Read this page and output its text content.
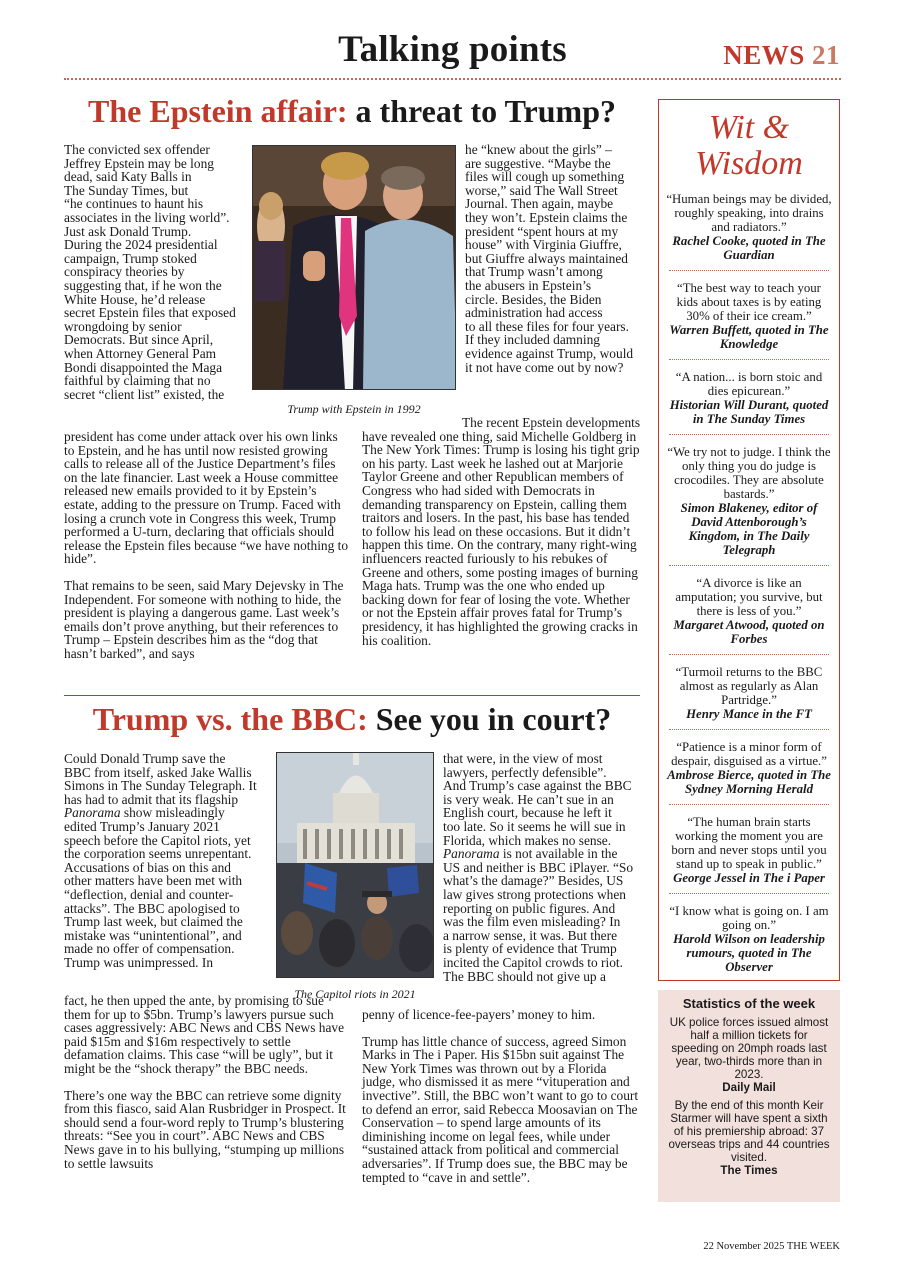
Talking points	NEWS 21
The Epstein affair: a threat to Trump?
The convicted sex offender
Jeffrey Epstein may be long
dead, said Katy Balls in
The Sunday Times, but
“he continues to haunt his
associates in the living world”.
Just ask Donald Trump.
During the 2024 presidential
campaign, Trump stoked
conspiracy theories by
suggesting that, if he won the
White House, he’d release
secret Epstein files that exposed
wrongdoing by senior
Democrats. But since April,
when Attorney General Pam
Bondi disappointed the Maga
faithful by claiming that no
secret “client list” existed, the
Trump with Epstein in 1992
he “knew about the girls” –
are suggestive. “Maybe the
files will cough up something
worse,” said The Wall Street
Journal. Then again, maybe
they won’t. Epstein claims the
president “spent hours at my
house” with Virginia Giuffre,
but Giuffre always maintained
that Trump wasn’t among
the abusers in Epstein’s
circle. Besides, the Biden
administration had access
to all these files for four years.
If they included damning
evidence against Trump, would
it not have come out by now?

president has come under attack over his own links to Epstein, and he has until now resisted growing calls to release all of the Justice Department’s files on the late financier. Last week a House committee released new emails provided to it by Epstein’s estate, adding to the pressure on Trump. Faced with losing a crunch vote in Congress this week, Trump performed a U-turn, declaring that officials should release the Epstein files because “we have nothing to hide”.

That remains to be seen, said Mary Dejevsky in The Independent. For someone with nothing to hide, the president is playing a dangerous game. Last week’s emails don’t prove anything, but their references to Trump – Epstein describes him as the “dog that hasn’t barked”, and says

The recent Epstein developments have revealed one thing, said Michelle Goldberg in The New York Times: Trump is losing his tight grip on his party. Last week he lashed out at Marjorie Taylor Greene and other Republican members of Congress who had sided with Democrats in demanding transparency on Epstein, calling them traitors and losers. In the past, his base has tended to follow his lead on these occasions. But it didn’t happen this time. On the contrary, many right-wing influencers reacted furiously to his rebukes of Greene and others, some posting images of burning Maga hats. Trump was the one who ended up backing down for fear of losing the vote. Whether or not the Epstein affair proves fatal for Trump’s presidency, it has highlighted the growing cracks in his coalition.

Trump vs. the BBC: See you in court?
Could Donald Trump save the
BBC from itself, asked Jake Wallis
Simons in The Sunday Telegraph. It
has had to admit that its flagship
Panorama show misleadingly
edited Trump’s January 2021
speech before the Capitol riots, yet
the corporation seems unrepentant.
Accusations of bias on this and
other matters have been met with
“deflection, denial and counter-
attacks”. The BBC apologised to
Trump last week, but claimed the
mistake was “unintentional”, and
made no offer of compensation.
Trump was unimpressed. In
The Capitol riots in 2021
that were, in the view of most
lawyers, perfectly defensible”.
And Trump’s case against the BBC
is very weak. He can’t sue in an
English court, because he left it
too late. So it seems he will sue in
Florida, which makes no sense.
Panorama is not available in the
US and neither is BBC iPlayer. “So
what’s the damage?” Besides, US
law gives strong protections when
reporting on public figures. And
was the film even misleading? In
a narrow sense, it was. But there
is plenty of evidence that Trump
incited the Capitol crowds to riot.
The BBC should not give up a

fact, he then upped the ante, by promising to sue them for up to $5bn. Trump’s lawyers pursue such cases aggressively: ABC News and CBS News have paid $15m and $16m respectively to settle defamation claims. This case “will be ugly”, but it might be the “shock therapy” the BBC needs.

There’s one way the BBC can retrieve some dignity from this fiasco, said Alan Rusbridger in Prospect. It should send a four-word reply to Trump’s blustering threats: “See you in court”. ABC News and CBS News gave in to his bullying, “stumping up millions to settle lawsuits

penny of licence-fee-payers’ money to him.

Trump has little chance of success, agreed Simon Marks in The i Paper. His $15bn suit against The New York Times was thrown out by a Florida judge, who dismissed it as mere “vituperation and invective”. Still, the BBC won’t want to go to court to defend an error, said Rebecca Moosavian on The Conservation – to spend large amounts of its diminishing income on legal fees, while under “sustained attack from political and commercial adversaries”. If Trump does sue, the BBC may be tempted to “cave in and settle”.

Wit &
Wisdom
“Human beings may be divided, roughly speaking, into drains and radiators.”
Rachel Cooke, quoted in The Guardian
“The best way to teach your kids about taxes is by eating 30% of their ice cream.”
Warren Buffett, quoted in The Knowledge
“A nation... is born stoic and dies epicurean.”
Historian Will Durant, quoted in The Sunday Times
“We try not to judge. I think the only thing you do judge is crocodiles. They are absolute bastards.”
Simon Blakeney, editor of David Attenborough’s Kingdom, in The Daily Telegraph
“A divorce is like an amputation; you survive, but there is less of you.”
Margaret Atwood, quoted on Forbes
“Turmoil returns to the BBC almost as regularly as Alan Partridge.”
Henry Mance in the FT
“Patience is a minor form of despair, disguised as a virtue.”
Ambrose Bierce, quoted in The Sydney Morning Herald
“The human brain starts working the moment you are born and never stops until you stand up to speak in public.”
George Jessel in The i Paper
“I know what is going on. I am going on.”
Harold Wilson on leadership rumours, quoted in The Observer
Statistics of the week
UK police forces issued almost half a million tickets for speeding on 20mph roads last year, two-thirds more than in 2023.
Daily Mail
By the end of this month Keir Starmer will have spent a sixth of his premiership abroad: 37 overseas trips and 44 countries visited.
The Times
22 November 2025 THE WEEK
